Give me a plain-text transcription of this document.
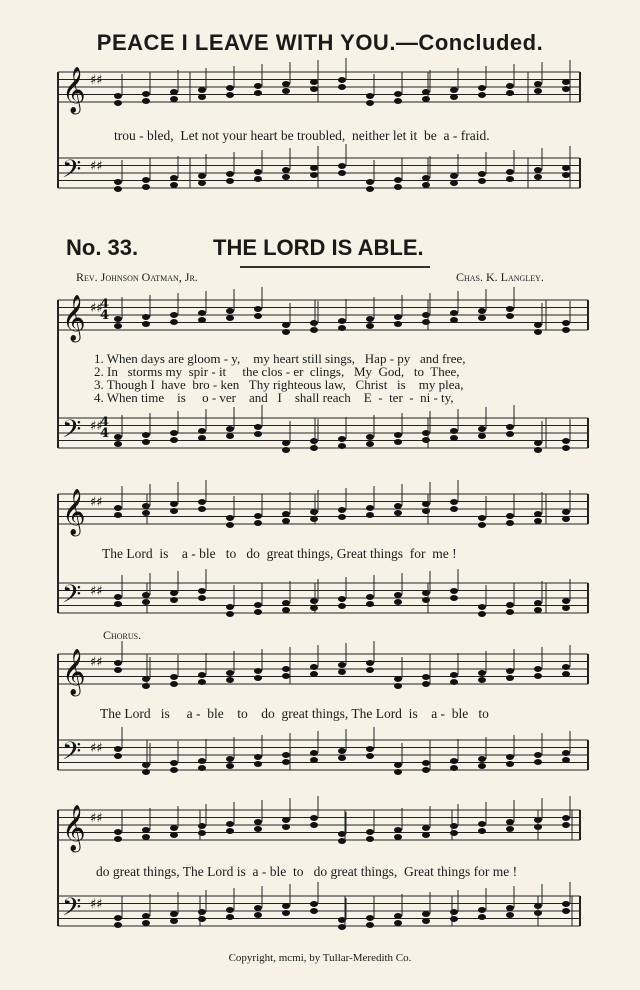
PEACE I LEAVE WITH YOU.—Concluded.
No. 33.	THE LORD IS ABLE.
Rev. Johnson Oatman, Jr.	Chas. K. Langley.
𝄞 ♯♯
𝄢 ♯♯
𝄞 ♯♯
𝄢 ♯♯
𝄞 ♯♯
𝄢 ♯♯
𝄞 ♯♯
𝄢 ♯♯
𝄞 ♯♯
𝄢 ♯♯
4
4
4
4
trou - bled,  Let not your heart be troubled,  neither let it  be  a - fraid.
1. When days are gloom - y,    my heart still sings,   Hap - py   and free,
2. In   storms my  spir - it     the clos - er  clings,   My  God,   to  Thee,
3. Though I  have  bro - ken   Thy righteous law,   Christ   is    my plea,
4. When time    is     o - ver    and   I    shall reach    E  -  ter  -  ni - ty,
The Lord  is    a - ble   to   do  great things, Great things  for  me !
Chorus.
The Lord   is     a -  ble    to    do  great things, The Lord  is    a -  ble   to
do great things, The Lord is  a - ble  to   do great things,  Great things for me !
Copyright, mcmi, by Tullar-Meredith Co.
